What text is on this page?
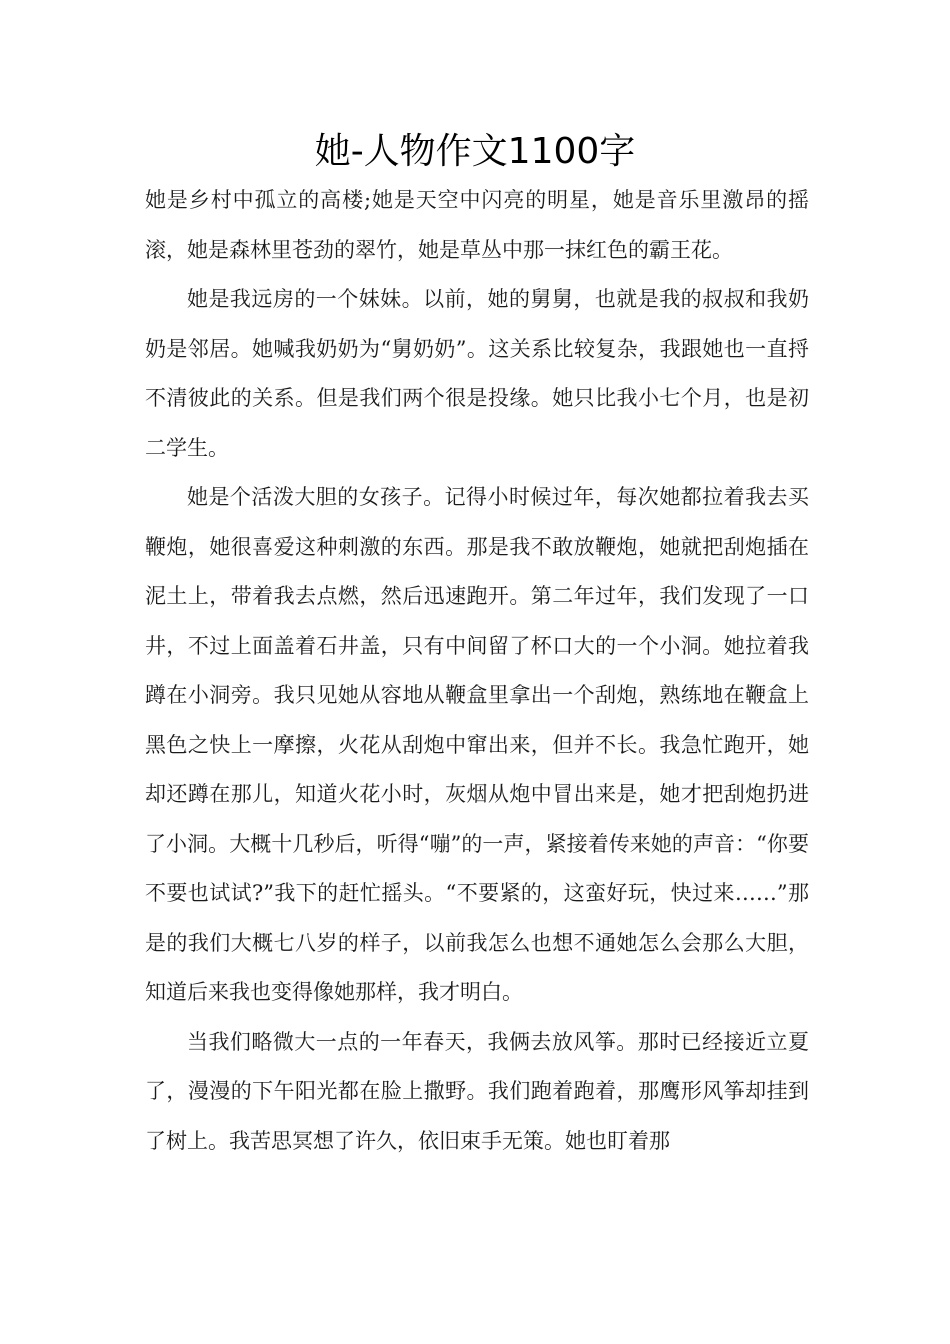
她-人物作文1100字

她是乡村中孤立的高楼;她是天空中闪亮的明星，她是音乐里激昂的摇滚，她是森林里苍劲的翠竹，她是草丛中那一抹红色的霸王花。

她是我远房的一个妹妹。以前，她的舅舅，也就是我的叔叔和我奶奶是邻居。她喊我奶奶为“舅奶奶”。这关系比较复杂，我跟她也一直捋不清彼此的关系。但是我们两个很是投缘。她只比我小七个月，也是初二学生。

她是个活泼大胆的女孩子。记得小时候过年，每次她都拉着我去买鞭炮，她很喜爱这种刺激的东西。那是我不敢放鞭炮，她就把刮炮插在泥土上，带着我去点燃，然后迅速跑开。第二年过年，我们发现了一口井，不过上面盖着石井盖，只有中间留了杯口大的一个小洞。她拉着我蹲在小洞旁。我只见她从容地从鞭盒里拿出一个刮炮，熟练地在鞭盒上黑色之快上一摩擦，火花从刮炮中窜出来，但并不长。我急忙跑开，她却还蹲在那儿，知道火花小时，灰烟从炮中冒出来是，她才把刮炮扔进了小洞。大概十几秒后，听得“嘣”的一声，紧接着传来她的声音：“你要不要也试试?”我下的赶忙摇头。“不要紧的，这蛮好玩，快过来……”那是的我们大概七八岁的样子，以前我怎么也想不通她怎么会那么大胆，知道后来我也变得像她那样，我才明白。

当我们略微大一点的一年春天，我俩去放风筝。那时已经接近立夏了，漫漫的下午阳光都在脸上撒野。我们跑着跑着，那鹰形风筝却挂到了树上。我苦思冥想了许久，依旧束手无策。她也盯着那
